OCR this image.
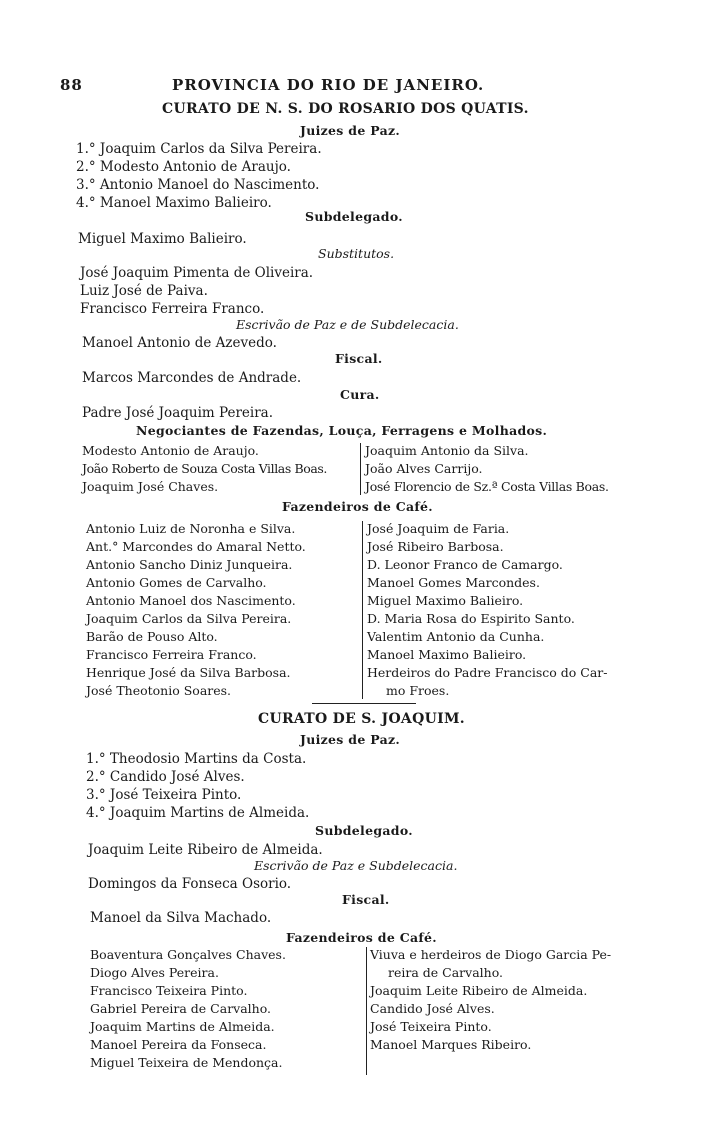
88	PROVINCIA DO RIO DE JANEIRO.
CURATO DE N. S. DO ROSARIO DOS QUATIS.
Juizes de Paz.
1.° Joaquim Carlos da Silva Pereira.
2.° Modesto Antonio de Araujo.
3.° Antonio Manoel do Nascimento.
4.° Manoel Maximo Balieiro.
Subdelegado.
Miguel Maximo Balieiro.
Substitutos.
José Joaquim Pimenta de Oliveira.
Luiz José de Paiva.
Francisco Ferreira Franco.
Escrivão de Paz e de Subdelecacia.
Manoel Antonio de Azevedo.
Fiscal.
Marcos Marcondes de Andrade.
Cura.
Padre José Joaquim Pereira.
Negociantes de Fazendas, Louça, Ferragens e Molhados.
Modesto Antonio de Araujo.
João Roberto de Souza Costa Villas Boas.
Joaquim José Chaves.
Joaquim Antonio da Silva.
João Alves Carrijo.
José Florencio de Sz.ª Costa Villas Boas.
Fazendeiros de Café.
Antonio Luiz de Noronha e Silva.
Ant.° Marcondes do Amaral Netto.
Antonio Sancho Diniz Junqueira.
Antonio Gomes de Carvalho.
Antonio Manoel dos Nascimento.
Joaquim Carlos da Silva Pereira.
Barão de Pouso Alto.
Francisco Ferreira Franco.
Henrique José da Silva Barbosa.
José Theotonio Soares.
José Joaquim de Faria.
José Ribeiro Barbosa.
D. Leonor Franco de Camargo.
Manoel Gomes Marcondes.
Miguel Maximo Balieiro.
D. Maria Rosa do Espirito Santo.
Valentim Antonio da Cunha.
Manoel Maximo Balieiro.
Herdeiros do Padre Francisco do Car-
mo Froes.
CURATO DE S. JOAQUIM.
Juizes de Paz.
1.° Theodosio Martins da Costa.
2.° Candido José Alves.
3.° José Teixeira Pinto.
4.° Joaquim Martins de Almeida.
Subdelegado.
Joaquim Leite Ribeiro de Almeida.
Escrivão de Paz e Subdelecacia.
Domingos da Fonseca Osorio.
Fiscal.
Manoel da Silva Machado.
Fazendeiros de Café.
Boaventura Gonçalves Chaves.
Diogo Alves Pereira.
Francisco Teixeira Pinto.
Gabriel Pereira de Carvalho.
Joaquim Martins de Almeida.
Manoel Pereira da Fonseca.
Miguel Teixeira de Mendonça.
Viuva e herdeiros de Diogo Garcia Pe-
reira de Carvalho.
Joaquim Leite Ribeiro de Almeida.
Candido José Alves.
José Teixeira Pinto.
Manoel Marques Ribeiro.
